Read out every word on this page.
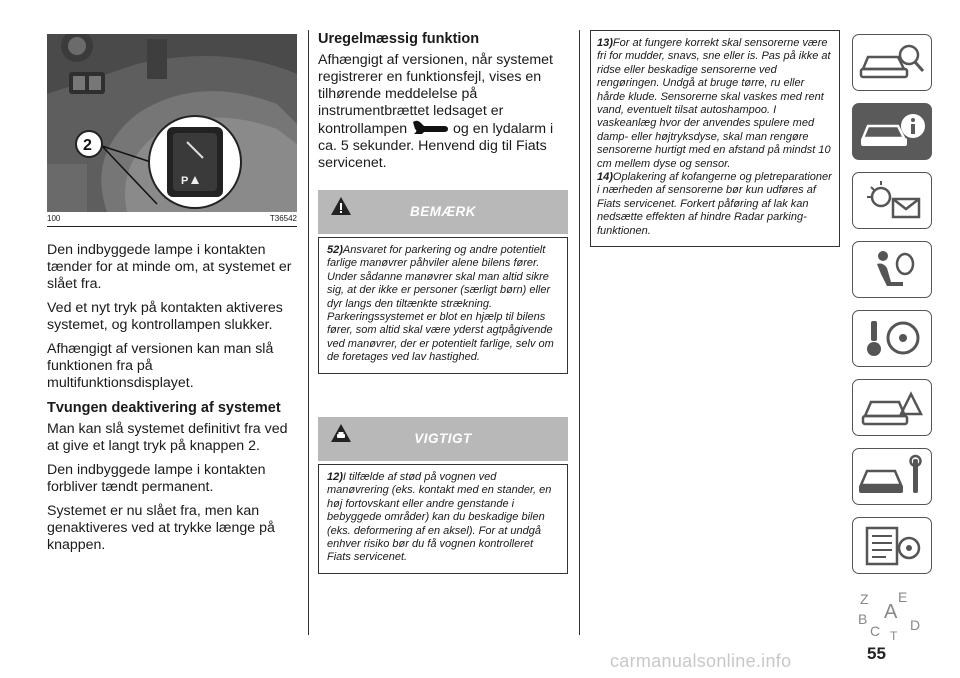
P
2
100	T36542

Den indbyggede lampe i kontakten tænder for at minde om, at systemet er slået fra.

Ved et nyt tryk på kontakten aktiveres systemet, og kontrollampen slukker.

Afhængigt af versionen kan man slå funktionen fra på multifunktionsdisplayet.

Tvungen deaktivering af systemet

Man kan slå systemet definitivt fra ved at give et langt tryk på knappen 2.

Den indbyggede lampe i kontakten forbliver tændt permanent.

Systemet er nu slået fra, men kan genaktiveres ved at trykke længe på knappen.

Uregelmæssig funktion

Afhængigt af versionen, når systemet registrerer en funktionsfejl, vises en tilhørende meddelelse på instrumentbrættet ledsaget er kontrollampen	og en lydalarm i ca. 5 sekunder. Henvend dig til Fiats servicenet.

BEMÆRK
52)Ansvaret for parkering og andre potentielt farlige manøvrer påhviler alene bilens fører. Under sådanne manøvrer skal man altid sikre sig, at der ikke er personer (særligt børn) eller dyr langs den tiltænkte strækning. Parkeringssystemet er blot en hjælp til bilens fører, som altid skal være yderst agtpågivende ved manøvrer, der er potentielt farlige, selv om de foretages ved lav hastighed.
VIGTIGT
12)I tilfælde af stød på vognen ved manøvrering (eks. kontakt med en stander, en høj fortovskant eller andre genstande i bebyggede områder) kan du beskadige bilen (eks. deformering af en aksel). For at undgå enhver risiko bør du få vognen kontrolleret Fiats servicenet.
13)For at fungere korrekt skal sensorerne være fri for mudder, snavs, sne eller is. Pas på ikke at ridse eller beskadige sensorerne ved rengøringen. Undgå at bruge tørre, ru eller hårde klude. Sensorerne skal vaskes med rent vand, eventuelt tilsat autoshampoo. I vaskeanlæg hvor der anvendes spulere med damp- eller højtryksdyse, skal man rengøre sensorerne hurtigt med en afstand på mindst 10 cm mellem dyse og sensor.
14)Oplakering af kofangerne og pletreparationer i nærheden af sensorerne bør kun udføres af Fiats servicenet. Forkert påføring af lak kan nedsætte effekten af hindre Radar parking-funktionen.
Z E
A
B
C D
T
55
carmanualsonline.info
